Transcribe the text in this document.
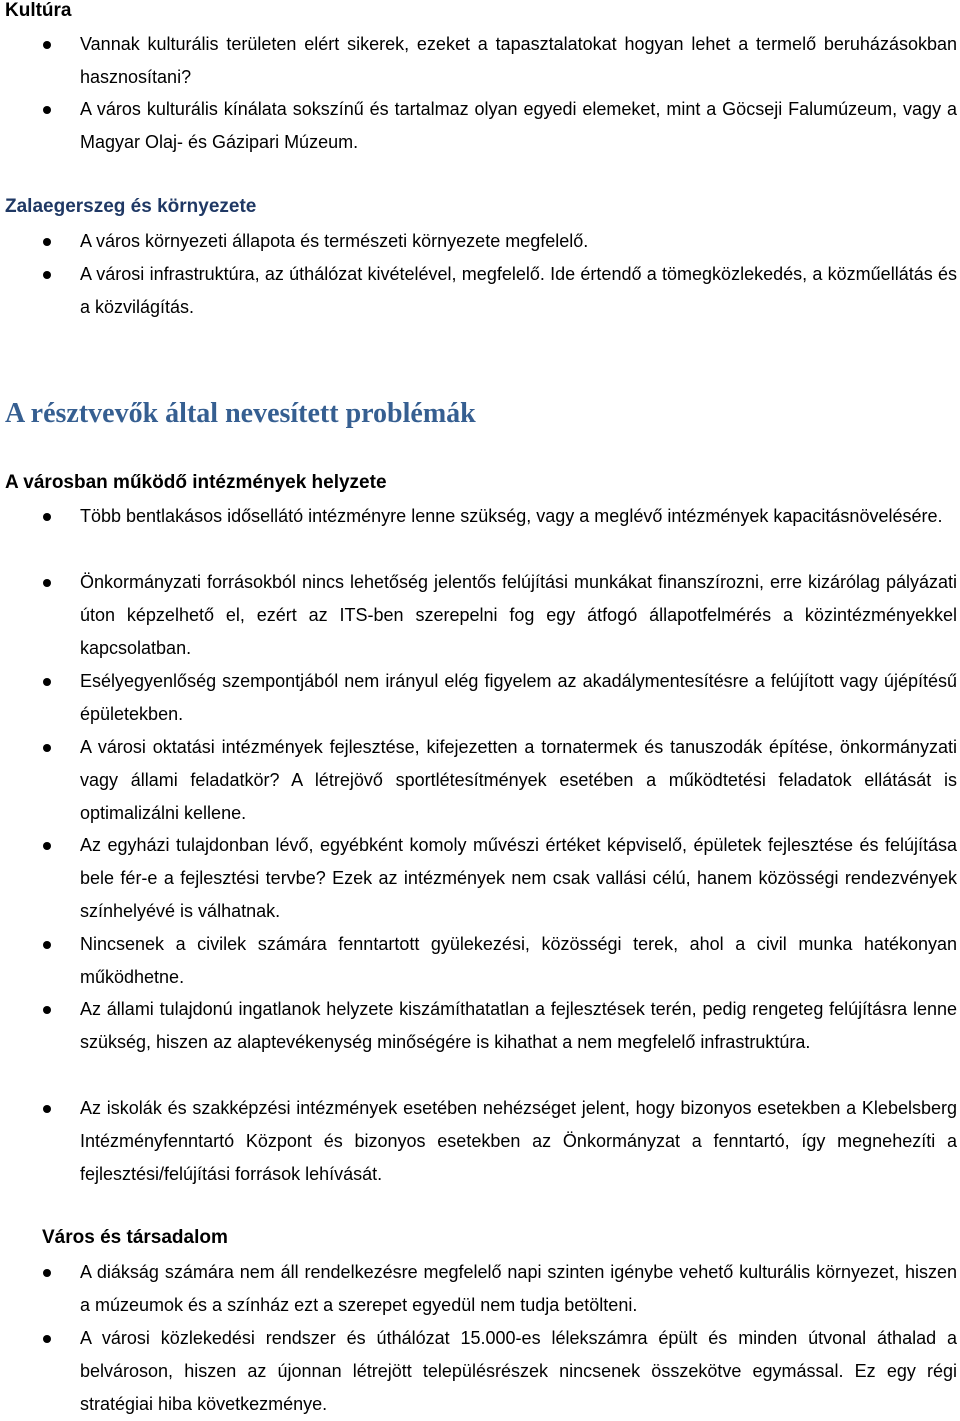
Kultúra
Vannak kulturális területen elért sikerek, ezeket a tapasztalatokat hogyan lehet a termelő beruházásokban hasznosítani?
A város kulturális kínálata sokszínű és tartalmaz olyan egyedi elemeket, mint a Göcseji Falumúzeum, vagy a Magyar Olaj- és Gázipari Múzeum.
Zalaegerszeg és környezete
A város környezeti állapota és természeti környezete megfelelő.
A városi infrastruktúra, az úthálózat kivételével, megfelelő. Ide értendő a tömegközlekedés, a közműellátás és a közvilágítás.
A résztvevők által nevesített problémák
A városban működő intézmények helyzete
Több bentlakásos idősellátó intézményre lenne szükség, vagy a meglévő intézmények kapacitásnövelésére.
Önkormányzati forrásokból nincs lehetőség jelentős felújítási munkákat finanszírozni, erre kizárólag pályázati úton képzelhető el, ezért az ITS-ben szerepelni fog egy átfogó állapotfelmérés a közintézményekkel kapcsolatban.
Esélyegyenlőség szempontjából nem irányul elég figyelem az akadálymentesítésre a felújított vagy újépítésű épületekben.
A városi oktatási intézmények fejlesztése, kifejezetten a tornatermek és tanuszodák építése, önkormányzati vagy állami feladatkör? A létrejövő sportlétesítmények esetében a működtetési feladatok ellátását is optimalizálni kellene.
Az egyházi tulajdonban lévő, egyébként komoly művészi értéket képviselő, épületek fejlesztése és felújítása bele fér-e a fejlesztési tervbe? Ezek az intézmények nem csak vallási célú, hanem közösségi rendezvények színhelyévé is válhatnak.
Nincsenek a civilek számára fenntartott gyülekezési, közösségi terek, ahol a civil munka hatékonyan működhetne.
Az állami tulajdonú ingatlanok helyzete kiszámíthatatlan a fejlesztések terén, pedig rengeteg felújításra lenne szükség, hiszen az alaptevékenység minőségére is kihathat a nem megfelelő infrastruktúra.
Az iskolák és szakképzési intézmények esetében nehézséget jelent, hogy bizonyos esetekben a Klebelsberg Intézményfenntartó Központ és bizonyos esetekben az Önkormányzat a fenntartó, így megnehezíti a fejlesztési/felújítási források lehívását.
Város és társadalom
A diákság számára nem áll rendelkezésre megfelelő napi szinten igénybe vehető kulturális környezet, hiszen a múzeumok és a színház ezt a szerepet egyedül nem tudja betölteni.
A városi közlekedési rendszer és úthálózat 15.000-es lélekszámra épült és minden útvonal áthalad a belvároson, hiszen az újonnan létrejött településrészek nincsenek összekötve egymással. Ez egy régi stratégiai hiba következménye.
